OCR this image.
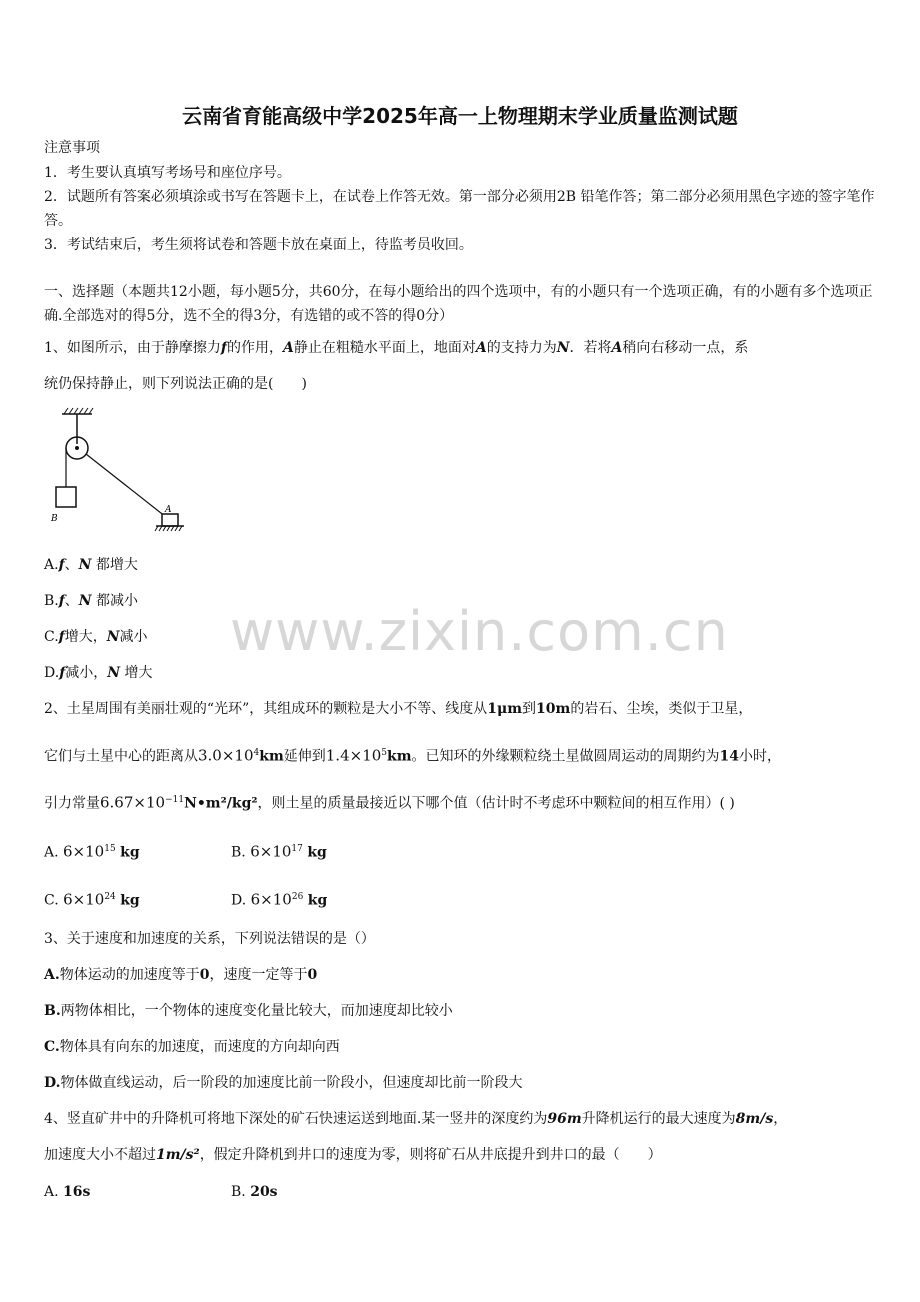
云南省育能高级中学2025年高一上物理期末学业质量监测试题
注意事项
1．考生要认真填写考场号和座位序号。
2．试题所有答案必须填涂或书写在答题卡上，在试卷上作答无效。第一部分必须用2B 铅笔作答；第二部分必须用黑色字迹的签字笔作答。
3．考试结束后，考生须将试卷和答题卡放在桌面上，待监考员收回。
一、选择题（本题共12小题，每小题5分，共60分，在每小题给出的四个选项中，有的小题只有一个选项正确，有的小题有多个选项正确.全部选对的得5分，选不全的得3分，有选错的或不答的得0分）
1、如图所示，由于静摩擦力f的作用，A静止在粗糙水平面上，地面对A的支持力为N．若将A稍向右移动一点，系
统仍保持静止，则下列说法正确的是(　　)
B
A
A.f、N 都增大
B.f、N 都减小
C.f增大，N减小
D.f减小，N 增大
www.zixin.com.cn
2、土星周围有美丽壮观的“光环”，其组成环的颗粒是大小不等、线度从1μm到10m的岩石、尘埃，类似于卫星，
它们与土星中心的距离从$3.0\times 10^4km$延伸到$1.4\times 10^5km$。已知环的外缘颗粒绕土星做圆周运动的周期约为14小时，
引力常量$6.67\times 10^{-11}N•m^2$/kg²，则土星的质量最接近以下哪个值（估计时不考虑环中颗粒间的相互作用）( )
A. $6\times 10^{15}$ kg	B. $6\times 10^{17}$ kg
C. $6\times 10^{24}$ kg	D. $6\times 10^{26}$ kg
3、关于速度和加速度的关系，下列说法错误的是（）
A.物体运动的加速度等于0，速度一定等于0
B.两物体相比，一个物体的速度变化量比较大，而加速度却比较小
C.物体具有向东的加速度，而速度的方向却向西
D.物体做直线运动，后一阶段的加速度比前一阶段小，但速度却比前一阶段大
4、竖直矿井中的升降机可将地下深处的矿石快速运送到地面.某一竖井的深度约为96m升降机运行的最大速度为8m/s，
加速度大小不超过1m/s²，假定升降机到井口的速度为零，则将矿石从井底提升到井口的最（　　）
A. 16s	B. 20s
